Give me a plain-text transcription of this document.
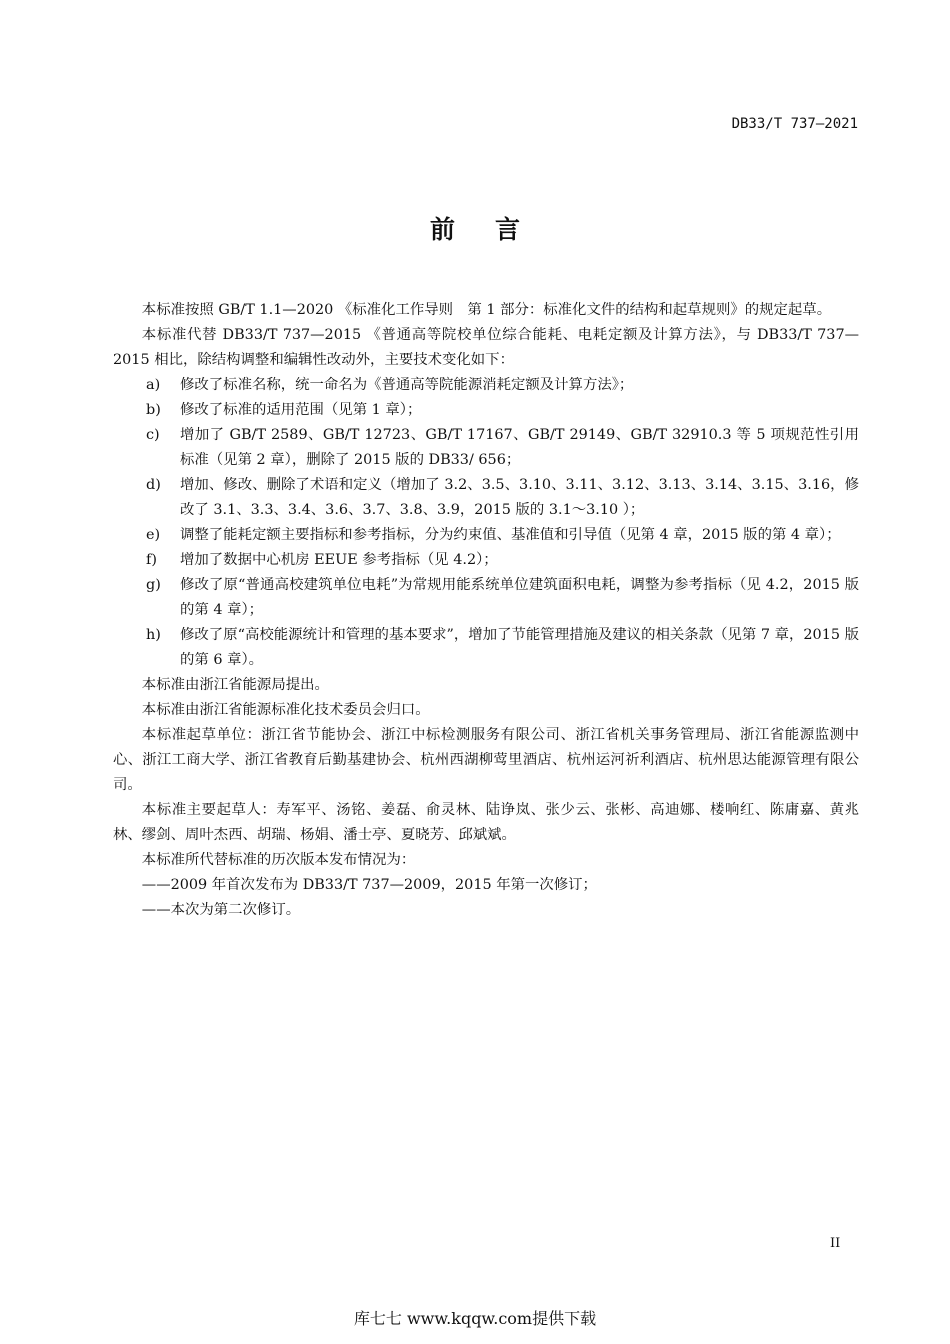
DB33/T 737—2021
前言

本标准按照 GB/T 1.1—2020 《标准化工作导则　第 1 部分：标准化文件的结构和起草规则》的规定起草。

本标准代替 DB33/T 737—2015 《普通高等院校单位综合能耗、电耗定额及计算方法》，与 DB33/T 737—2015 相比，除结构调整和编辑性改动外，主要技术变化如下：

a)	修改了标准名称，统一命名为《普通高等院能源消耗定额及计算方法》；
b)	修改了标准的适用范围（见第 1 章）；
c)	增加了 GB/T 2589、GB/T 12723、GB/T 17167、GB/T 29149、GB/T 32910.3 等 5 项规范性引用标准（见第 2 章），删除了 2015 版的 DB33/ 656；
d)	增加、修改、删除了术语和定义（增加了 3.2、3.5、3.10、3.11、3.12、3.13、3.14、3.15、3.16，修改了 3.1、3.3、3.4、3.6、3.7、3.8、3.9，2015 版的 3.1～3.10 ）；
e)	调整了能耗定额主要指标和参考指标，分为约束值、基准值和引导值（见第 4 章，2015 版的第 4 章）；
f)	增加了数据中心机房 EEUE 参考指标（见 4.2）；
g)	修改了原“普通高校建筑单位电耗”为常规用能系统单位建筑面积电耗，调整为参考指标（见 4.2，2015 版的第 4 章）；
h)	修改了原“高校能源统计和管理的基本要求”，增加了节能管理措施及建议的相关条款（见第 7 章，2015 版的第 6 章）。

本标准由浙江省能源局提出。

本标准由浙江省能源标准化技术委员会归口。

本标准起草单位：浙江省节能协会、浙江中标检测服务有限公司、浙江省机关事务管理局、浙江省能源监测中心、浙江工商大学、浙江省教育后勤基建协会、杭州西湖柳莺里酒店、杭州运河祈利酒店、杭州思达能源管理有限公司。

本标准主要起草人：寿军平、汤铭、姜磊、俞灵林、陆诤岚、张少云、张彬、高迪娜、楼响红、陈庸嘉、黄兆林、缪剑、周叶杰西、胡瑞、杨娟、潘士亭、夏晓芳、邱斌斌。

本标准所代替标准的历次版本发布情况为：

——2009 年首次发布为 DB33/T 737—2009，2015 年第一次修订；

——本次为第二次修订。

II
库七七 www.kqqw.com提供下载
